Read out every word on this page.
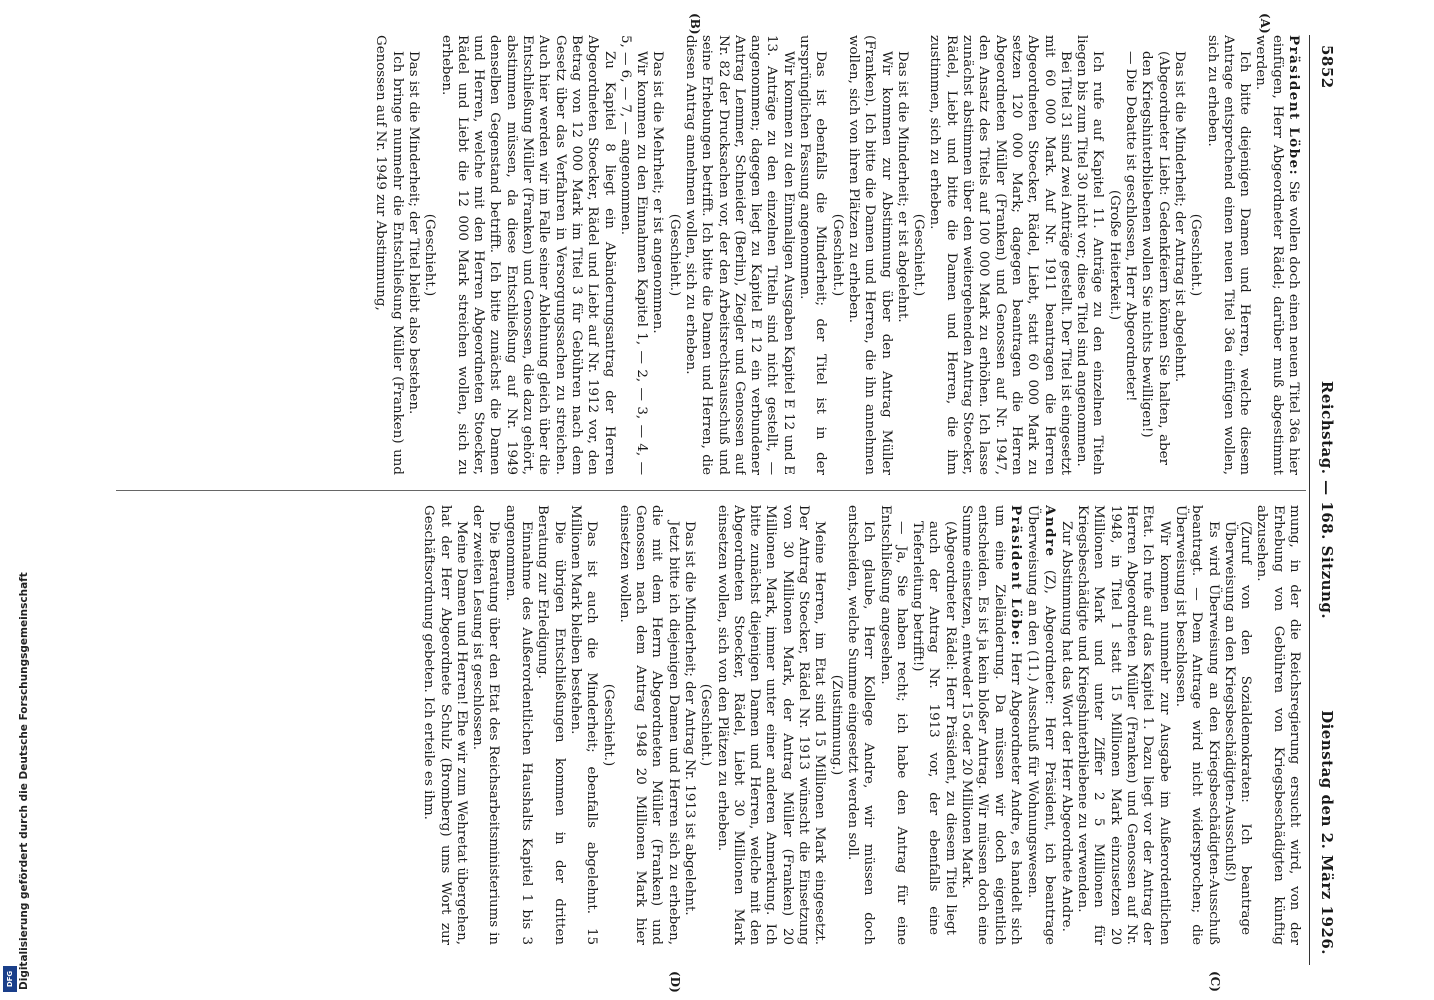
5852
Reichstag. — 168. Sitzung.
Dienstag den 2. März 1926.
(A)
(B)
(C)
(D)

Präsident Löbe: Sie wollen doch einen neuen Titel 36a hier einfügen, Herr Abgeordneter Rädel; darüber muß abgestimmt werden.

Ich bitte diejenigen Damen und Herren, welche diesem Antrage entsprechend einen neuen Titel 36a einfügen wollen, sich zu erheben.

(Geschieht.)

Das ist die Minderheit; der Antrag ist abgelehnt.

(Abgeordneter Liebt: Gedenkfeiern können Sie halten, aber den Kriegshinterbliebenen wollen Sie nichts bewilligen!)

— Die Debatte ist geschlossen, Herr Abgeordneter!

(Große Heiterkeit.)

Ich rufe auf Kapitel 11. Anträge zu den einzelnen Titeln liegen bis zum Titel 30 nicht vor; diese Titel sind angenommen.

Bei Titel 31 sind zwei Anträge gestellt. Der Titel ist eingesetzt mit 60 000 Mark. Auf Nr. 1911 beantragen die Herren Abgeordneten Stoecker, Rädel, Liebt, statt 60 000 Mark zu setzen 120 000 Mark; dagegen beantragen die Herren Abgeordneten Müller (Franken) und Genossen auf Nr. 1947, den Ansatz des Titels auf 100 000 Mark zu erhöhen. Ich lasse zunächst abstimmen über den weitergehenden Antrag Stoecker, Rädel, Liebt und bitte die Damen und Herren, die ihm zustimmen, sich zu erheben.

(Geschieht.)

Das ist die Minderheit; er ist abgelehnt.

Wir kommen zur Abstimmung über den Antrag Müller (Franken). Ich bitte die Damen und Herren, die ihn annehmen wollen, sich von ihren Plätzen zu erheben.

(Geschieht.)

Das ist ebenfalls die Minderheit; der Titel ist in der ursprünglichen Fassung angenommen.

Wir kommen zu den Einmaligen Ausgaben Kapitel E 12 und E 13. Anträge zu den einzelnen Titeln sind nicht gestellt, — angenommen; dagegen liegt zu Kapitel E 12 ein verbundener Antrag Lemmer, Schneider (Berlin), Ziegler und Genossen auf Nr. 82 der Drucksachen vor, der den Arbeitsrechtsausschuß und seine Erhebungen betrifft. Ich bitte die Damen und Herren, die diesen Antrag annehmen wollen, sich zu erheben.

(Geschieht.)

Das ist die Mehrheit; er ist angenommen.

Wir kommen zu den Einnahmen Kapitel 1, — 2, — 3, — 4, — 5, — 6, — 7, — angenommen.

Zu Kapitel 8 liegt ein Abänderungsantrag der Herren Abgeordneten Stoecker, Rädel und Liebt auf Nr. 1912 vor, den Betrag von 12 000 Mark im Titel 3 für Gebühren nach dem Gesetz über das Verfahren in Versorgungssachen zu streichen. Auch hier werden wir im Falle seiner Ablehnung gleich über die Entschließung Müller (Franken) und Genossen, die dazu gehört, abstimmen müssen, da diese Entschließung auf Nr. 1949 denselben Gegenstand betrifft. Ich bitte zunächst die Damen und Herren, welche mit den Herren Abgeordneten Stoecker, Rädel und Liebt die 12 000 Mark streichen wollen, sich zu erheben.

(Geschieht.)

Das ist die Minderheit; der Titel bleibt also bestehen.

Ich bringe nunmehr die Entschließung Müller (Franken) und Genossen auf Nr. 1949 zur Abstimmung,

mung, in der die Reichsregierung ersucht wird, von der Erhebung von Gebühren von Kriegsbeschädigten künftig abzusehen.

(Zuruf von den Sozialdemokraten: Ich beantrage Überweisung an den Kriegsbeschädigten-Ausschuß!)

Es wird Überweisung an den Kriegsbeschädigten-Ausschuß beantragt. — Dem Antrage wird nicht widersprochen; die Überweisung ist beschlossen.

Wir kommen nunmehr zur Ausgabe im Außerordentlichen Etat. Ich rufe auf das Kapitel 1. Dazu liegt vor der Antrag der Herren Abgeordneten Müller (Franken) und Genossen auf Nr. 1948, in Titel 1 statt 15 Millionen Mark einzusetzen 20 Millionen Mark und unter Ziffer 2 5 Millionen für Kriegsbeschädigte und Kriegshinterbliebene zu verwenden.

Zur Abstimmung hat das Wort der Herr Abgeordnete Andre.

Andre (Z), Abgeordneter: Herr Präsident, ich beantrage Überweisung an den (11.) Ausschuß für Wohnungswesen.

Präsident Löbe: Herr Abgeordneter Andre, es handelt sich um eine Zieländerung. Da müssen wir doch eigentlich entscheiden. Es ist ja kein bloßer Antrag. Wir müssen doch eine Summe einsetzen, entweder 15 oder 20 Millionen Mark.

(Abgeordneter Rädel: Herr Präsident, zu diesem Titel liegt auch der Antrag Nr. 1913 vor, der ebenfalls eine Tieferleitung betrifft!)

— Ja, Sie haben recht; ich habe den Antrag für eine Entschließung angesehen.

Ich glaube, Herr Kollege Andre, wir müssen doch entscheiden, welche Summe eingesetzt werden soll.

(Zustimmung.)

Meine Herren, im Etat sind 15 Millionen Mark eingesetzt. Der Antrag Stoecker, Rädel Nr. 1913 wünscht die Einsetzung von 30 Millionen Mark, der Antrag Müller (Franken) 20 Millionen Mark, immer unter einer anderen Anmerkung. Ich bitte zunächst diejenigen Damen und Herren, welche mit den Abgeordneten Stoecker, Rädel, Liebt 30 Millionen Mark einsetzen wollen, sich von den Plätzen zu erheben.

(Geschieht.)

Das ist die Minderheit; der Antrag Nr. 1913 ist abgelehnt.

Jetzt bitte ich diejenigen Damen und Herren sich zu erheben, die mit dem Herrn Abgeordneten Müller (Franken) und Genossen nach dem Antrag 1948 20 Millionen Mark hier einsetzen wollen.

(Geschieht.)

Das ist auch die Minderheit; ebenfalls abgelehnt. 15 Millionen Mark bleiben bestehen.

Die übrigen Entschließungen kommen in der dritten Beratung zur Erledigung.

Einnahme des Außerordentlichen Haushalts Kapitel 1 bis 3 angenommen.

Die Beratung über den Etat des Reichsarbeitsministeriums in der zweiten Lesung ist geschlossen.

Meine Damen und Herren! Ehe wir zum Wehretat übergehen, hat der Herr Abgeordnete Schulz (Bromberg) ums Wort zur Geschäftsordnung gebeten. Ich erteile es ihm.

Digitalisierung gefördert durch die Deutsche Forschungsgemeinschaft
DFG
